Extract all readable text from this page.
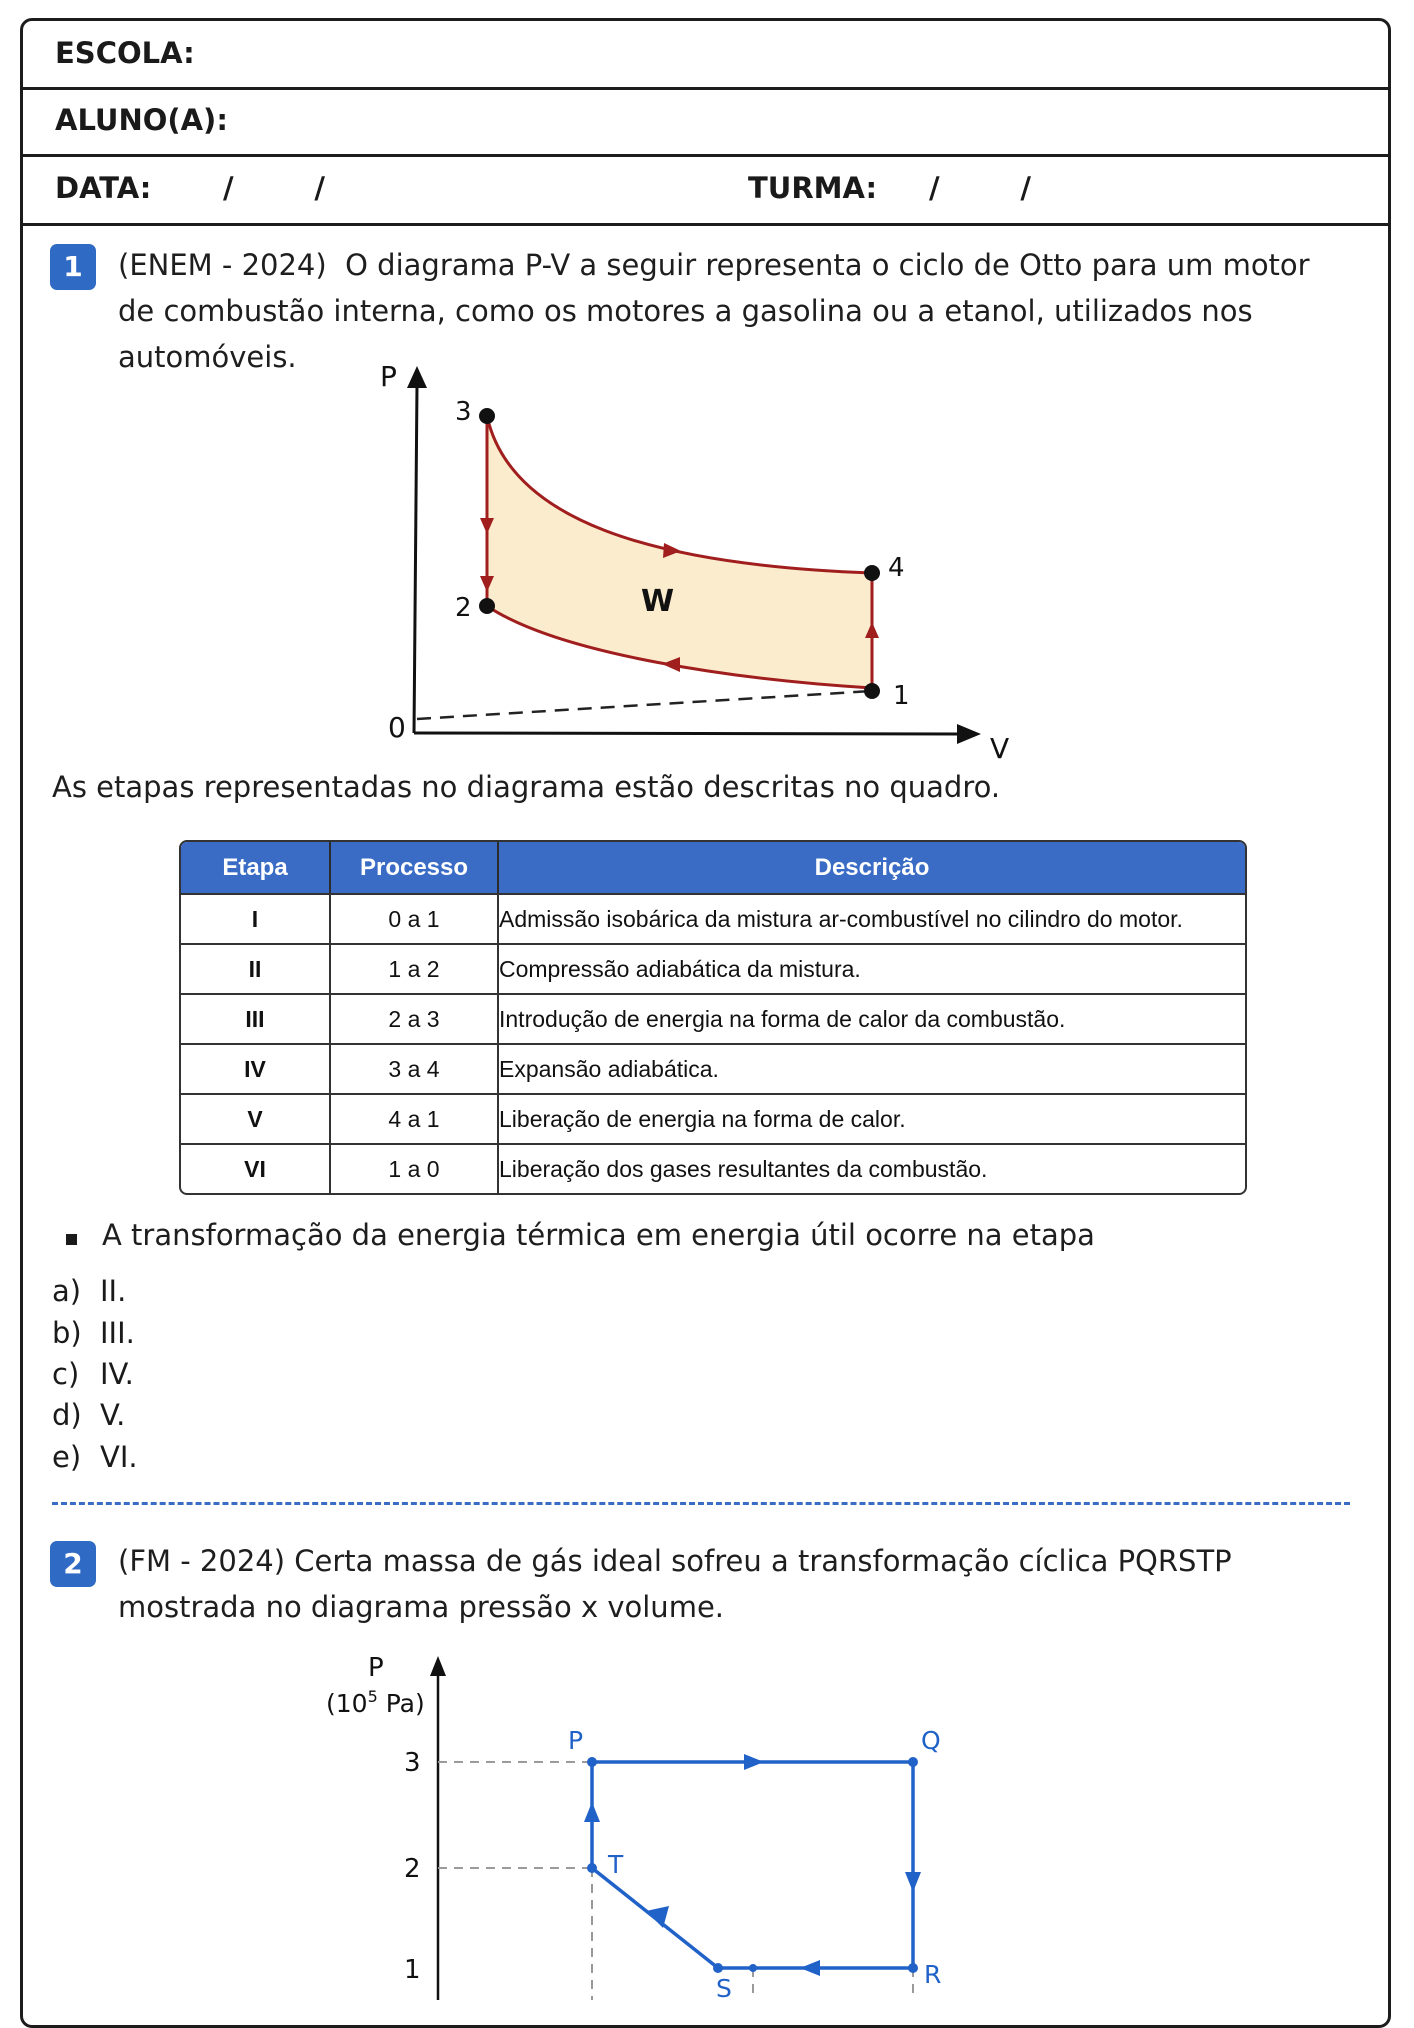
ESCOLA:
ALUNO(A):
DATA: /        /	TURMA: /        /
1	(ENEM - 2024)  O diagrama P-V a seguir representa o ciclo de Otto para um motor
de combustão interna, como os motores a gasolina ou a etanol, utilizados nos automóveis.
P
V
0
W
1
2
3
4
As etapas representadas no diagrama estão descritas no quadro.
Etapa	Processo	Descrição
I	0 a 1	Admissão isobárica da mistura ar-combustível no cilindro do motor.
II	1 a 2	Compressão adiabática da mistura.
III	2 a 3	Introdução de energia na forma de calor da combustão.
IV	3 a 4	Expansão adiabática.
V	4 a 1	Liberação de energia na forma de calor.
VI	1 a 0	Liberação dos gases resultantes da combustão.
A transformação da energia térmica em energia útil ocorre na etapa
a) II.
b) III.
c) IV.
d) V.
e) VI.
2	(FM - 2024) Certa massa de gás ideal sofreu a transformação cíclica PQRSTP
mostrada no diagrama pressão x volume.
P
($10^5$ Pa)
3
2
1
P	Q
R
S
T
